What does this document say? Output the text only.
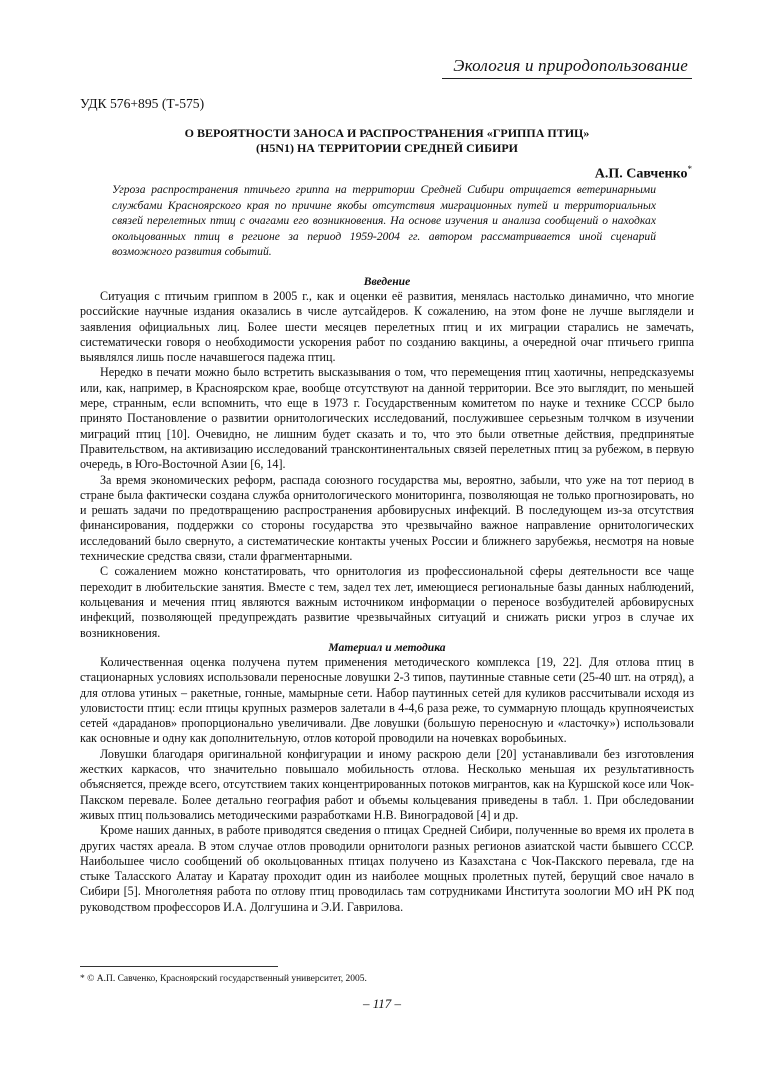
Экология и природопользование
УДК 576+895 (Т-575)
О ВЕРОЯТНОСТИ ЗАНОСА И РАСПРОСТРАНЕНИЯ «ГРИППА ПТИЦ»
(H5N1) НА ТЕРРИТОРИИ СРЕДНЕЙ СИБИРИ
А.П. Савченко*
Угроза распространения птичьего гриппа на территории Средней Сибири отрицается ветеринарными службами Красноярского края по причине якобы отсутствия миграционных путей и территориальных связей перелетных птиц с очагами его возникновения. На основе изучения и анализа сообщений о находках окольцованных птиц в регионе за период 1959-2004 гг. автором рассматривается иной сценарий возможного развития событий.
Введение

Ситуация с птичьим гриппом в 2005 г., как и оценки её развития, менялась настолько динамично, что многие российские научные издания оказались в числе аутсайдеров. К сожалению, на этом фоне не лучше выглядели и заявления официальных лиц. Более шести месяцев перелетных птиц и их миграции старались не замечать, систематически говоря о необходимости ускорения работ по созданию вакцины, а очередной очаг птичьего гриппа выявлялся лишь после начавшегося падежа птиц.

Нередко в печати можно было встретить высказывания о том, что перемещения птиц хаотичны, непредсказуемы или, как, например, в Красноярском крае, вообще отсутствуют на данной территории. Все это выглядит, по меньшей мере, странным, если вспомнить, что еще в 1973 г. Государственным комитетом по науке и технике СССР было принято Постановление о развитии орнитологических исследований, послужившее серьезным толчком в изучении миграций птиц [10]. Очевидно, не лишним будет сказать и то, что это были ответные действия, предпринятые Правительством, на активизацию исследований трансконтинентальных связей перелетных птиц за рубежом, в первую очередь, в Юго-Восточной Азии [6, 14].

За время экономических реформ, распада союзного государства мы, вероятно, забыли, что уже на тот период в стране была фактически создана служба орнитологического мониторинга, позволяющая не только прогнозировать, но и решать задачи по предотвращению распространения арбовирусных инфекций. В последующем из-за отсутствия финансирования, поддержки со стороны государства это чрезвычайно важное направление орнитологических исследований было свернуто, а систематические контакты ученых России и ближнего зарубежья, несмотря на новые технические средства связи, стали фрагментарными.

С сожалением можно констатировать, что орнитология из профессиональной сферы деятельности все чаще переходит в любительские занятия. Вместе с тем, задел тех лет, имеющиеся региональные базы данных наблюдений, кольцевания и мечения птиц являются важным источником информации о переносе возбудителей арбовирусных инфекций, позволяющей предупреждать развитие чрезвычайных ситуаций и снижать риски угроз в случае их возникновения.

Материал и методика

Количественная оценка получена путем применения методического комплекса [19, 22]. Для отлова птиц в стационарных условиях использовали переносные ловушки 2-3 типов, паутинные ставные сети (25-40 шт. на отряд), а для отлова утиных – ракетные, гонные, мамырные сети. Набор паутинных сетей для куликов рассчитывали исходя из уловистости птиц: если птицы крупных размеров залетали в 4-4,6 раза реже, то суммарную площадь крупноячеистых сетей «дараданов» пропорционально увеличивали. Две ловушки (большую переносную и «ласточку») использовали как основные и одну как дополнительную, отлов которой проводили на ночевках воробьиных.

Ловушки благодаря оригинальной конфигурации и иному раскрою дели [20] устанавливали без изготовления жестких каркасов, что значительно повышало мобильность отлова. Несколько меньшая их результативность объясняется, прежде всего, отсутствием таких концентрированных потоков мигрантов, как на Куршской косе или Чок-Пакском перевале. Более детально география работ и объемы кольцевания приведены в табл. 1. При обследовании живых птиц пользовались методическими разработками Н.В. Виноградовой [4] и др.

Кроме наших данных, в работе приводятся сведения о птицах Средней Сибири, полученные во время их пролета в других частях ареала. В этом случае отлов проводили орнитологи разных регионов азиатской части бывшего СССР. Наибольшее число сообщений об окольцованных птицах получено из Казахстана с Чок-Пакского перевала, где на стыке Таласского Алатау и Каратау проходит один из наиболее мощных пролетных путей, берущий свое начало в Сибири [5]. Многолетняя работа по отлову птиц проводилась там сотрудниками Института зоологии МО иН РК под руководством профессоров И.А. Долгушина и Э.И. Гаврилова.

* © А.П. Савченко, Красноярский государственный университет, 2005.
– 117 –
